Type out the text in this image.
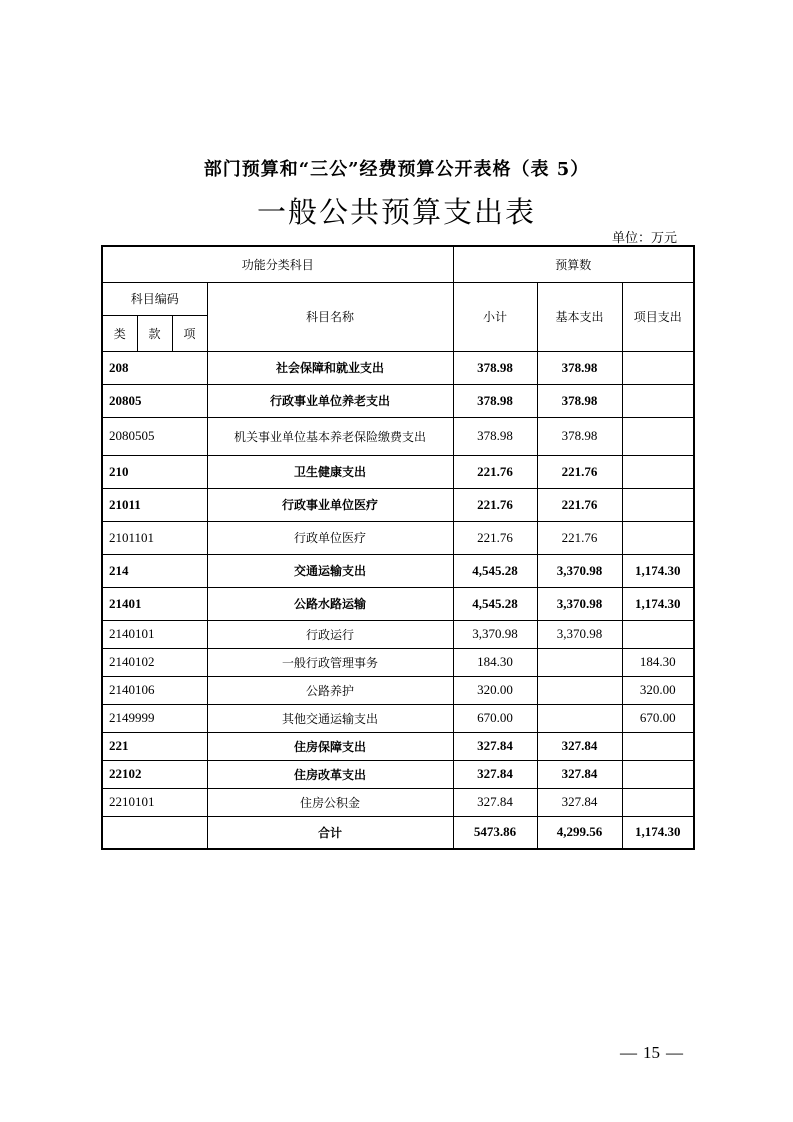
部门预算和“三公”经费预算公开表格（表 5）
一般公共预算支出表
单位：万元
功能分类科目				预算数		
科目编码			科目名称	小计	基本支出	项目支出
类	款	项				
208			社会保障和就业支出	378.98	378.98	
20805			行政事业单位养老支出	378.98	378.98	
2080505			机关事业单位基本养老保险缴费支出	378.98	378.98	
210			卫生健康支出	221.76	221.76	
21011			行政事业单位医疗	221.76	221.76	
2101101			行政单位医疗	221.76	221.76	
214			交通运输支出	4,545.28	3,370.98	1,174.30
21401			公路水路运输	4,545.28	3,370.98	1,174.30
2140101			行政运行	3,370.98	3,370.98	
2140102			一般行政管理事务	184.30		184.30
2140106			公路养护	320.00		320.00
2149999			其他交通运输支出	670.00		670.00
221			住房保障支出	327.84	327.84	
22102			住房改革支出	327.84	327.84	
2210101			住房公积金	327.84	327.84	
			合计	5473.86	4,299.56	1,174.30
— 15 —
